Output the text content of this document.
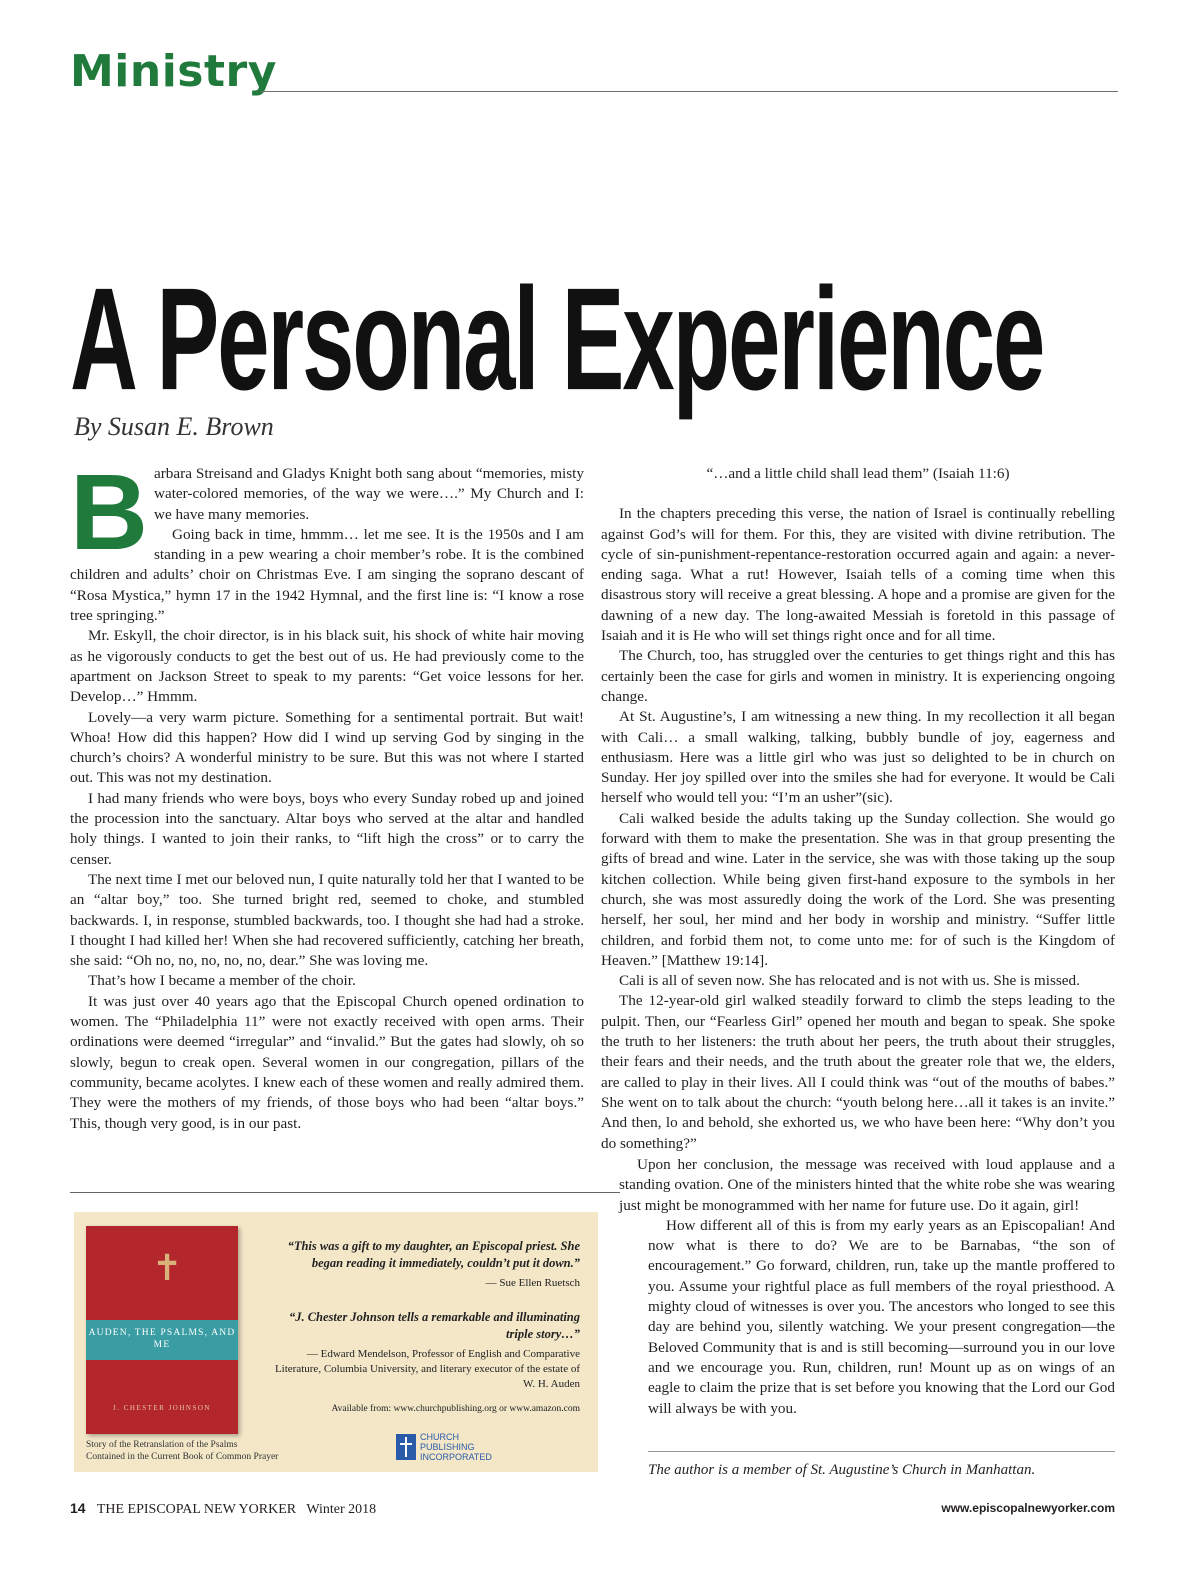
Ministry
A Personal Experience
By Susan E. Brown

Barbara Streisand and Gladys Knight both sang about “memories, misty water-colored memories, of the way we were….” My Church and I: we have many memories.

Going back in time, hmmm… let me see. It is the 1950s and I am standing in a pew wearing a choir member’s robe. It is the combined children and adults’ choir on Christmas Eve. I am singing the soprano descant of “Rosa Mystica,” hymn 17 in the 1942 Hymnal, and the first line is: “I know a rose tree springing.”

Mr. Eskyll, the choir director, is in his black suit, his shock of white hair moving as he vigorously conducts to get the best out of us. He had previously come to the apartment on Jackson Street to speak to my parents: “Get voice lessons for her. Develop…” Hmmm.

Lovely—a very warm picture. Something for a sentimental portrait. But wait! Whoa! How did this happen? How did I wind up serving God by singing in the church’s choirs? A wonderful ministry to be sure. But this was not where I started out. This was not my destination.

I had many friends who were boys, boys who every Sunday robed up and joined the procession into the sanctuary. Altar boys who served at the altar and handled holy things. I wanted to join their ranks, to “lift high the cross” or to carry the censer.

The next time I met our beloved nun, I quite naturally told her that I wanted to be an “altar boy,” too. She turned bright red, seemed to choke, and stumbled backwards. I, in response, stumbled backwards, too. I thought she had had a stroke. I thought I had killed her! When she had recovered sufficiently, catching her breath, she said: “Oh no, no, no, no, no, dear.” She was loving me.

That’s how I became a member of the choir.

It was just over 40 years ago that the Episcopal Church opened ordination to women. The “Philadelphia 11” were not exactly received with open arms. Their ordinations were deemed “irregular” and “invalid.” But the gates had slowly, oh so slowly, begun to creak open. Several women in our congregation, pillars of the community, became acolytes. I knew each of these women and really admired them. They were the mothers of my friends, of those boys who had been “altar boys.” This, though very good, is in our past.

“…and a little child shall lead them” (Isaiah 11:6)

In the chapters preceding this verse, the nation of Israel is continually rebelling against God’s will for them. For this, they are visited with divine retribution. The cycle of sin-punishment-repentance-restoration occurred again and again: a never-ending saga. What a rut! However, Isaiah tells of a coming time when this disastrous story will receive a great blessing. A hope and a promise are given for the dawning of a new day. The long-awaited Messiah is foretold in this passage of Isaiah and it is He who will set things right once and for all time.

The Church, too, has struggled over the centuries to get things right and this has certainly been the case for girls and women in ministry. It is experiencing ongoing change.

At St. Augustine’s, I am witnessing a new thing. In my recollection it all began with Cali… a small walking, talking, bubbly bundle of joy, eagerness and enthusiasm. Here was a little girl who was just so delighted to be in church on Sunday. Her joy spilled over into the smiles she had for everyone. It would be Cali herself who would tell you: “I’m an usher”(sic).

Cali walked beside the adults taking up the Sunday collection. She would go forward with them to make the presentation. She was in that group presenting the gifts of bread and wine. Later in the service, she was with those taking up the soup kitchen collection. While being given first-hand exposure to the symbols in her church, she was most assuredly doing the work of the Lord. She was presenting herself, her soul, her mind and her body in worship and ministry. “Suffer little children, and forbid them not, to come unto me: for of such is the Kingdom of Heaven.” [Matthew 19:14].

Cali is all of seven now. She has relocated and is not with us. She is missed.

The 12-year-old girl walked steadily forward to climb the steps leading to the pulpit. Then, our “Fearless Girl” opened her mouth and began to speak. She spoke the truth to her listeners: the truth about her peers, the truth about their struggles, their fears and their needs, and the truth about the greater role that we, the elders, are called to play in their lives. All I could think was “out of the mouths of babes.” She went on to talk about the church: “youth belong here…all it takes is an invite.” And then, lo and behold, she exhorted us, we who have been here: “Why don’t you do something?”

Upon her conclusion, the message was received with loud applause and a standing ovation. One of the ministers hinted that the white robe she was wearing just might be monogrammed with her name for future use. Do it again, girl!

How different all of this is from my early years as an Episcopalian! And now what is there to do? We are to be Barnabas, “the son of encouragement.” Go forward, children, run, take up the mantle proffered to you. Assume your rightful place as full members of the royal priesthood. A mighty cloud of witnesses is over you. The ancestors who longed to see this day are behind you, silently watching. We your present congregation—the Beloved Community that is and is still becoming—surround you in our love and we encourage you. Run, children, run! Mount up as on wings of an eagle to claim the prize that is set before you knowing that the Lord our God will always be with you.

✝
AUDEN, THE PSALMS, AND ME
J. CHESTER JOHNSON
Story of the Retranslation of the Psalms
Contained in the Current Book of Common Prayer
“This was a gift to my daughter, an Episcopal priest. She began reading it immediately, couldn’t put it down.”
— Sue Ellen Ruetsch
“J. Chester Johnson tells a remarkable and illuminating triple story…”
— Edward Mendelson, Professor of English and Comparative Literature, Columbia University, and literary executor of the estate of W. H. Auden
Available from: www.churchpublishing.org or www.amazon.com
CHURCH
PUBLISHING
INCORPORATED
The author is a member of St. Augustine’s Church in Manhattan.
14 THE EPISCOPAL NEW YORKER Winter 2018	www.episcopalnewyorker.com
